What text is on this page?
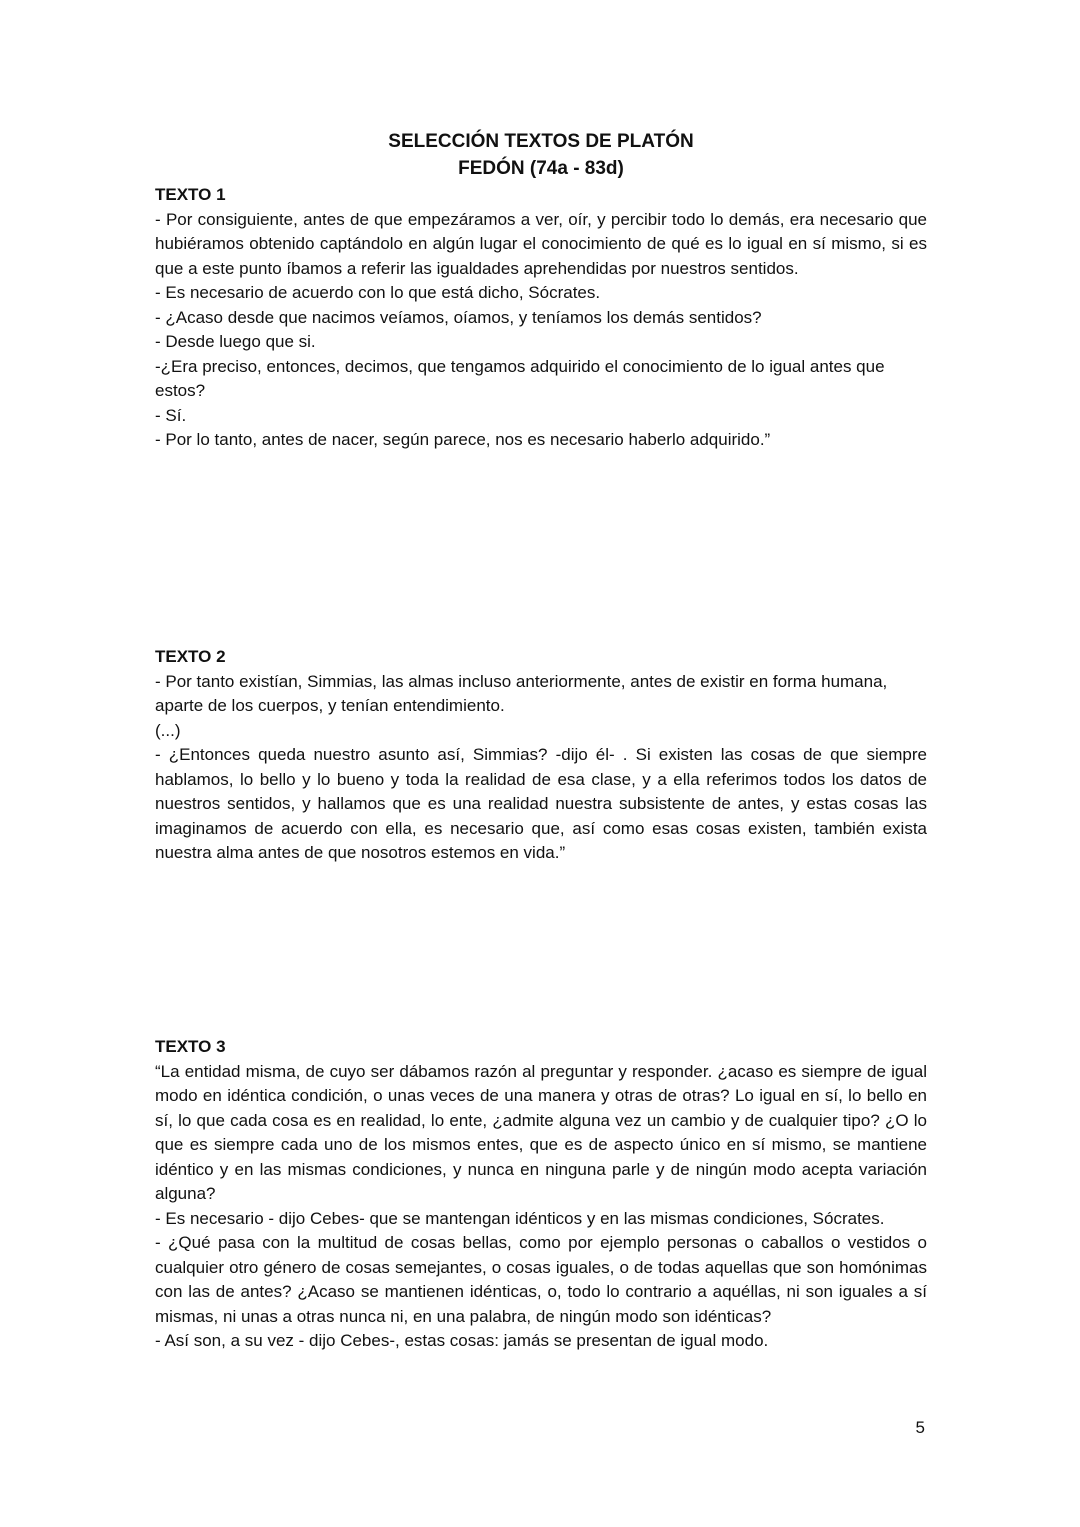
SELECCIÓN TEXTOS DE PLATÓN
FEDÓN (74a - 83d)
TEXTO 1

- Por consiguiente, antes de que empezáramos a ver, oír, y percibir todo lo demás, era necesario que hubiéramos obtenido captándolo en algún lugar el conocimiento de qué es lo igual en sí mismo, si es que a este punto íbamos a referir las igualdades aprehendidas por nuestros sentidos.

- Es necesario de acuerdo con lo que está dicho, Sócrates.

- ¿Acaso desde que nacimos veíamos, oíamos, y teníamos los demás sentidos?

- Desde luego que si.

-¿Era preciso, entonces, decimos, que tengamos adquirido el conocimiento de lo igual antes que estos?

- Sí.

- Por lo tanto, antes de nacer, según parece, nos es necesario haberlo adquirido.”

TEXTO 2

- Por tanto existían, Simmias, las almas incluso anteriormente, antes de existir en forma humana, aparte de los cuerpos, y tenían entendimiento.

(...)

- ¿Entonces queda nuestro asunto así, Simmias? -dijo él- . Si existen las cosas de que siempre hablamos, lo bello y lo bueno y toda la realidad de esa clase, y a ella referimos todos los datos de nuestros sentidos, y hallamos que es una realidad nuestra subsistente de antes, y estas cosas las imaginamos de acuerdo con ella, es necesario que, así como esas cosas existen, también exista nuestra alma antes de que nosotros estemos en vida.”

TEXTO 3

“La entidad misma, de cuyo ser dábamos razón al preguntar y responder. ¿acaso es siempre de igual modo en idéntica condición, o unas veces de una manera y otras de otras? Lo igual en sí, lo bello en sí, lo que cada cosa es en realidad, lo ente, ¿admite alguna vez un cambio y de cualquier tipo? ¿O lo que es siempre cada uno de los mismos entes, que es de aspecto único en sí mismo, se mantiene idéntico y en las mismas condiciones, y nunca en ninguna parle y de ningún modo acepta variación alguna?

- Es necesario - dijo Cebes- que se mantengan idénticos y en las mismas condiciones, Sócrates.

- ¿Qué pasa con la multitud de cosas bellas, como por ejemplo personas o caballos o vestidos o cualquier otro género de cosas semejantes, o cosas iguales, o de todas aquellas que son homónimas con las de antes? ¿Acaso se mantienen idénticas, o, todo lo contrario a aquéllas, ni son iguales a sí mismas, ni unas a otras nunca ni, en una palabra, de ningún modo son idénticas?

- Así son, a su vez - dijo Cebes-, estas cosas: jamás se presentan de igual modo.

5
